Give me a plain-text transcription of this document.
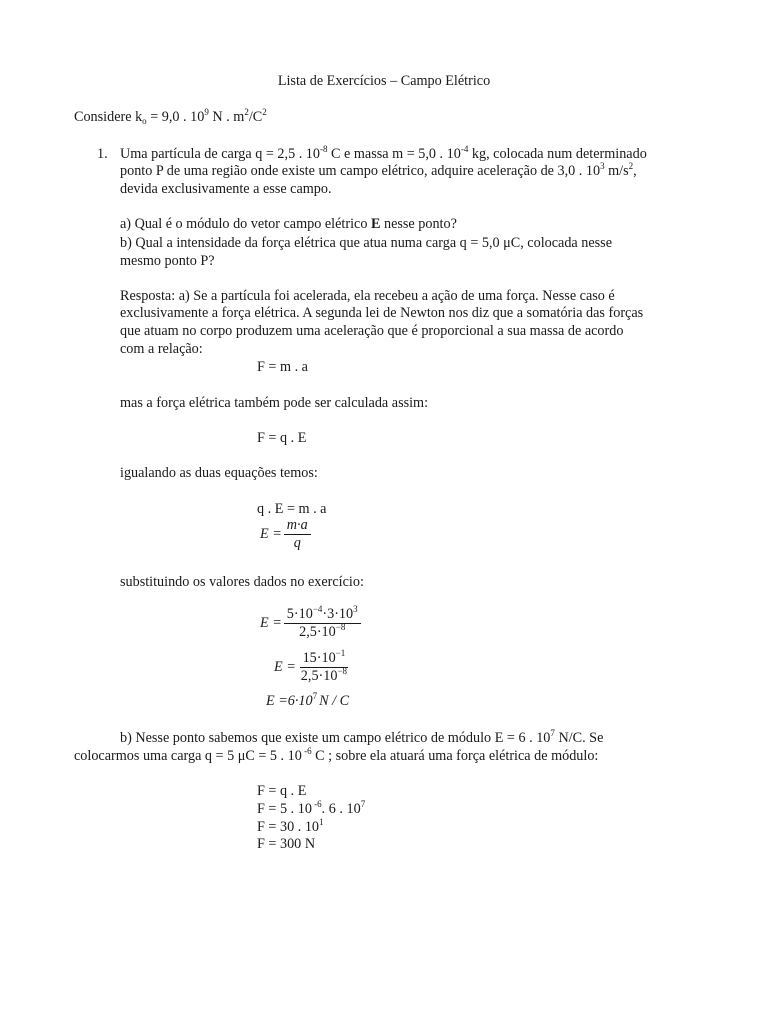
Lista de Exercícios – Campo Elétrico
Considere $k_o = 9,0$ . $10^9$ N . $m^2/C^2$
1. Uma partícula de carga q = 2,5 . $10^{-8}$ C e massa m = 5,0 . $10^{-4}$ kg, colocada num determinado
ponto P de uma região onde existe um campo elétrico, adquire aceleração de 3,0 . $10^3$ $m/s^2$,
devida exclusivamente a esse campo.
a) Qual é o módulo do vetor campo elétrico E nesse ponto?
b) Qual a intensidade da força elétrica que atua numa carga q = 5,0 μC, colocada nesse
mesmo ponto P?
Resposta: a) Se a partícula foi acelerada, ela recebeu a ação de uma força. Nesse caso é
exclusivamente a força elétrica. A segunda lei de Newton nos diz que a somatória das forças
que atuam no corpo produzem uma aceleração que é proporcional a sua massa de acordo
com a relação:
F = m . a
mas a força elétrica também pode ser calculada assim:
F = q . E
igualando as duas equações temos:
q . E = m . a
$E = \frac{m\cdot a}{q}$
substituindo os valores dados no exercício:
$E = \frac{5\cdot 10^{-4}\cdot 3\cdot 10^3}{2,5\cdot 10^{-8}}$
$E = \frac{15\cdot 10^{-1}}{2,5\cdot 10^{-8}}$
$E =6\cdot 10^7$ N / C
b) Nesse ponto sabemos que existe um campo elétrico de módulo E = 6 . $10^7$ N/C. Se
colocarmos uma carga q = 5 μC = 5 . 10 $^{-6}$ C ; sobre ela atuará uma força elétrica de módulo:
F = q . E
F = 5 . 10 $^{-6}$. 6 . $10^7$
F = 30 . $10^1$
F = 300 N
